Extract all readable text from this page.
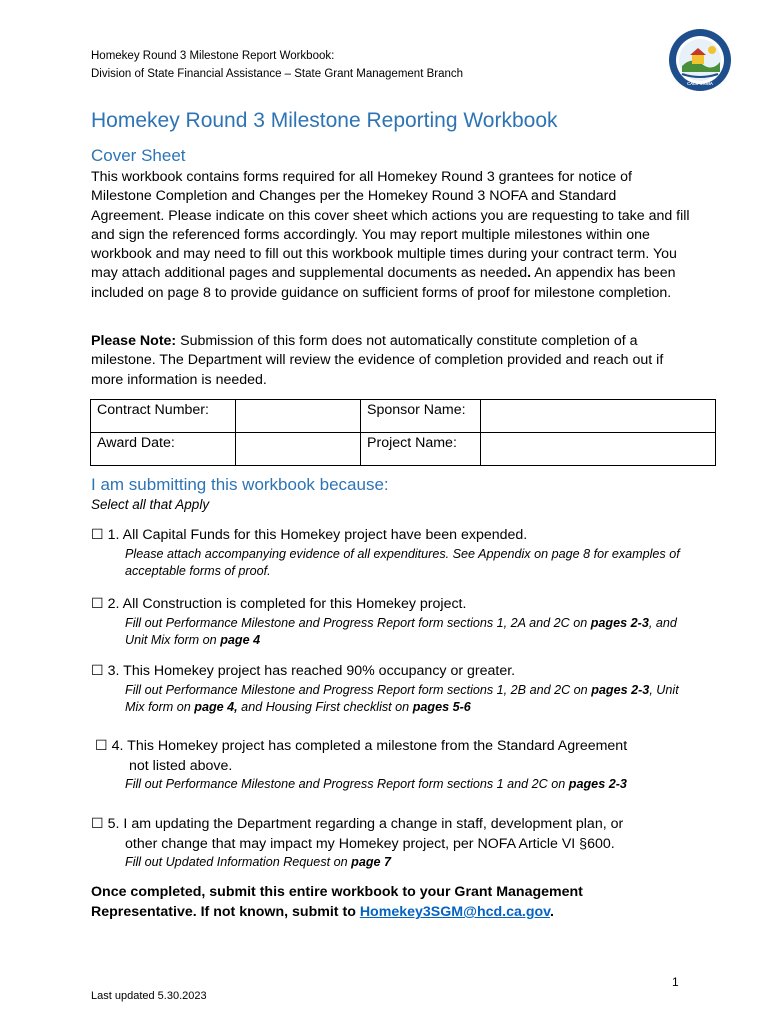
Homekey Round 3 Milestone Report Workbook:
Division of State Financial Assistance – State Grant Management Branch
CALIFORNIA
Homekey Round 3 Milestone Reporting Workbook
Cover Sheet
This workbook contains forms required for all Homekey Round 3 grantees for notice of Milestone Completion and Changes per the Homekey Round 3 NOFA and Standard Agreement. Please indicate on this cover sheet which actions you are requesting to take and fill and sign the referenced forms accordingly. You may report multiple milestones within one workbook and may need to fill out this workbook multiple times during your contract term. You may attach additional pages and supplemental documents as needed. An appendix has been included on page 8 to provide guidance on sufficient forms of proof for milestone completion.
Please Note: Submission of this form does not automatically constitute completion of a milestone. The Department will review the evidence of completion provided and reach out if more information is needed.
Contract Number:		Sponsor Name:	
Award Date:		Project Name:	
I am submitting this workbook because:
Select all that Apply
☐ 1. All Capital Funds for this Homekey project have been expended.
Please attach accompanying evidence of all expenditures. See Appendix on page 8 for examples of acceptable forms of proof.
☐ 2. All Construction is completed for this Homekey project.
Fill out Performance Milestone and Progress Report form sections 1, 2A and 2C on pages 2-3, and Unit Mix form on page 4
☐ 3. This Homekey project has reached 90% occupancy or greater.
Fill out Performance Milestone and Progress Report form sections 1, 2B and 2C on pages 2-3, Unit Mix form on page 4, and Housing First checklist on pages 5-6
☐ 4. This Homekey project has completed a milestone from the Standard Agreement
not listed above.
Fill out Performance Milestone and Progress Report form sections 1 and 2C on pages 2-3
☐ 5. I am updating the Department regarding a change in staff, development plan, or
other change that may impact my Homekey project, per NOFA Article VI §600.
Fill out Updated Information Request on page 7
Once completed, submit this entire workbook to your Grant Management Representative. If not known, submit to Homekey3SGM@hcd.ca.gov.
1
Last updated 5.30.2023
